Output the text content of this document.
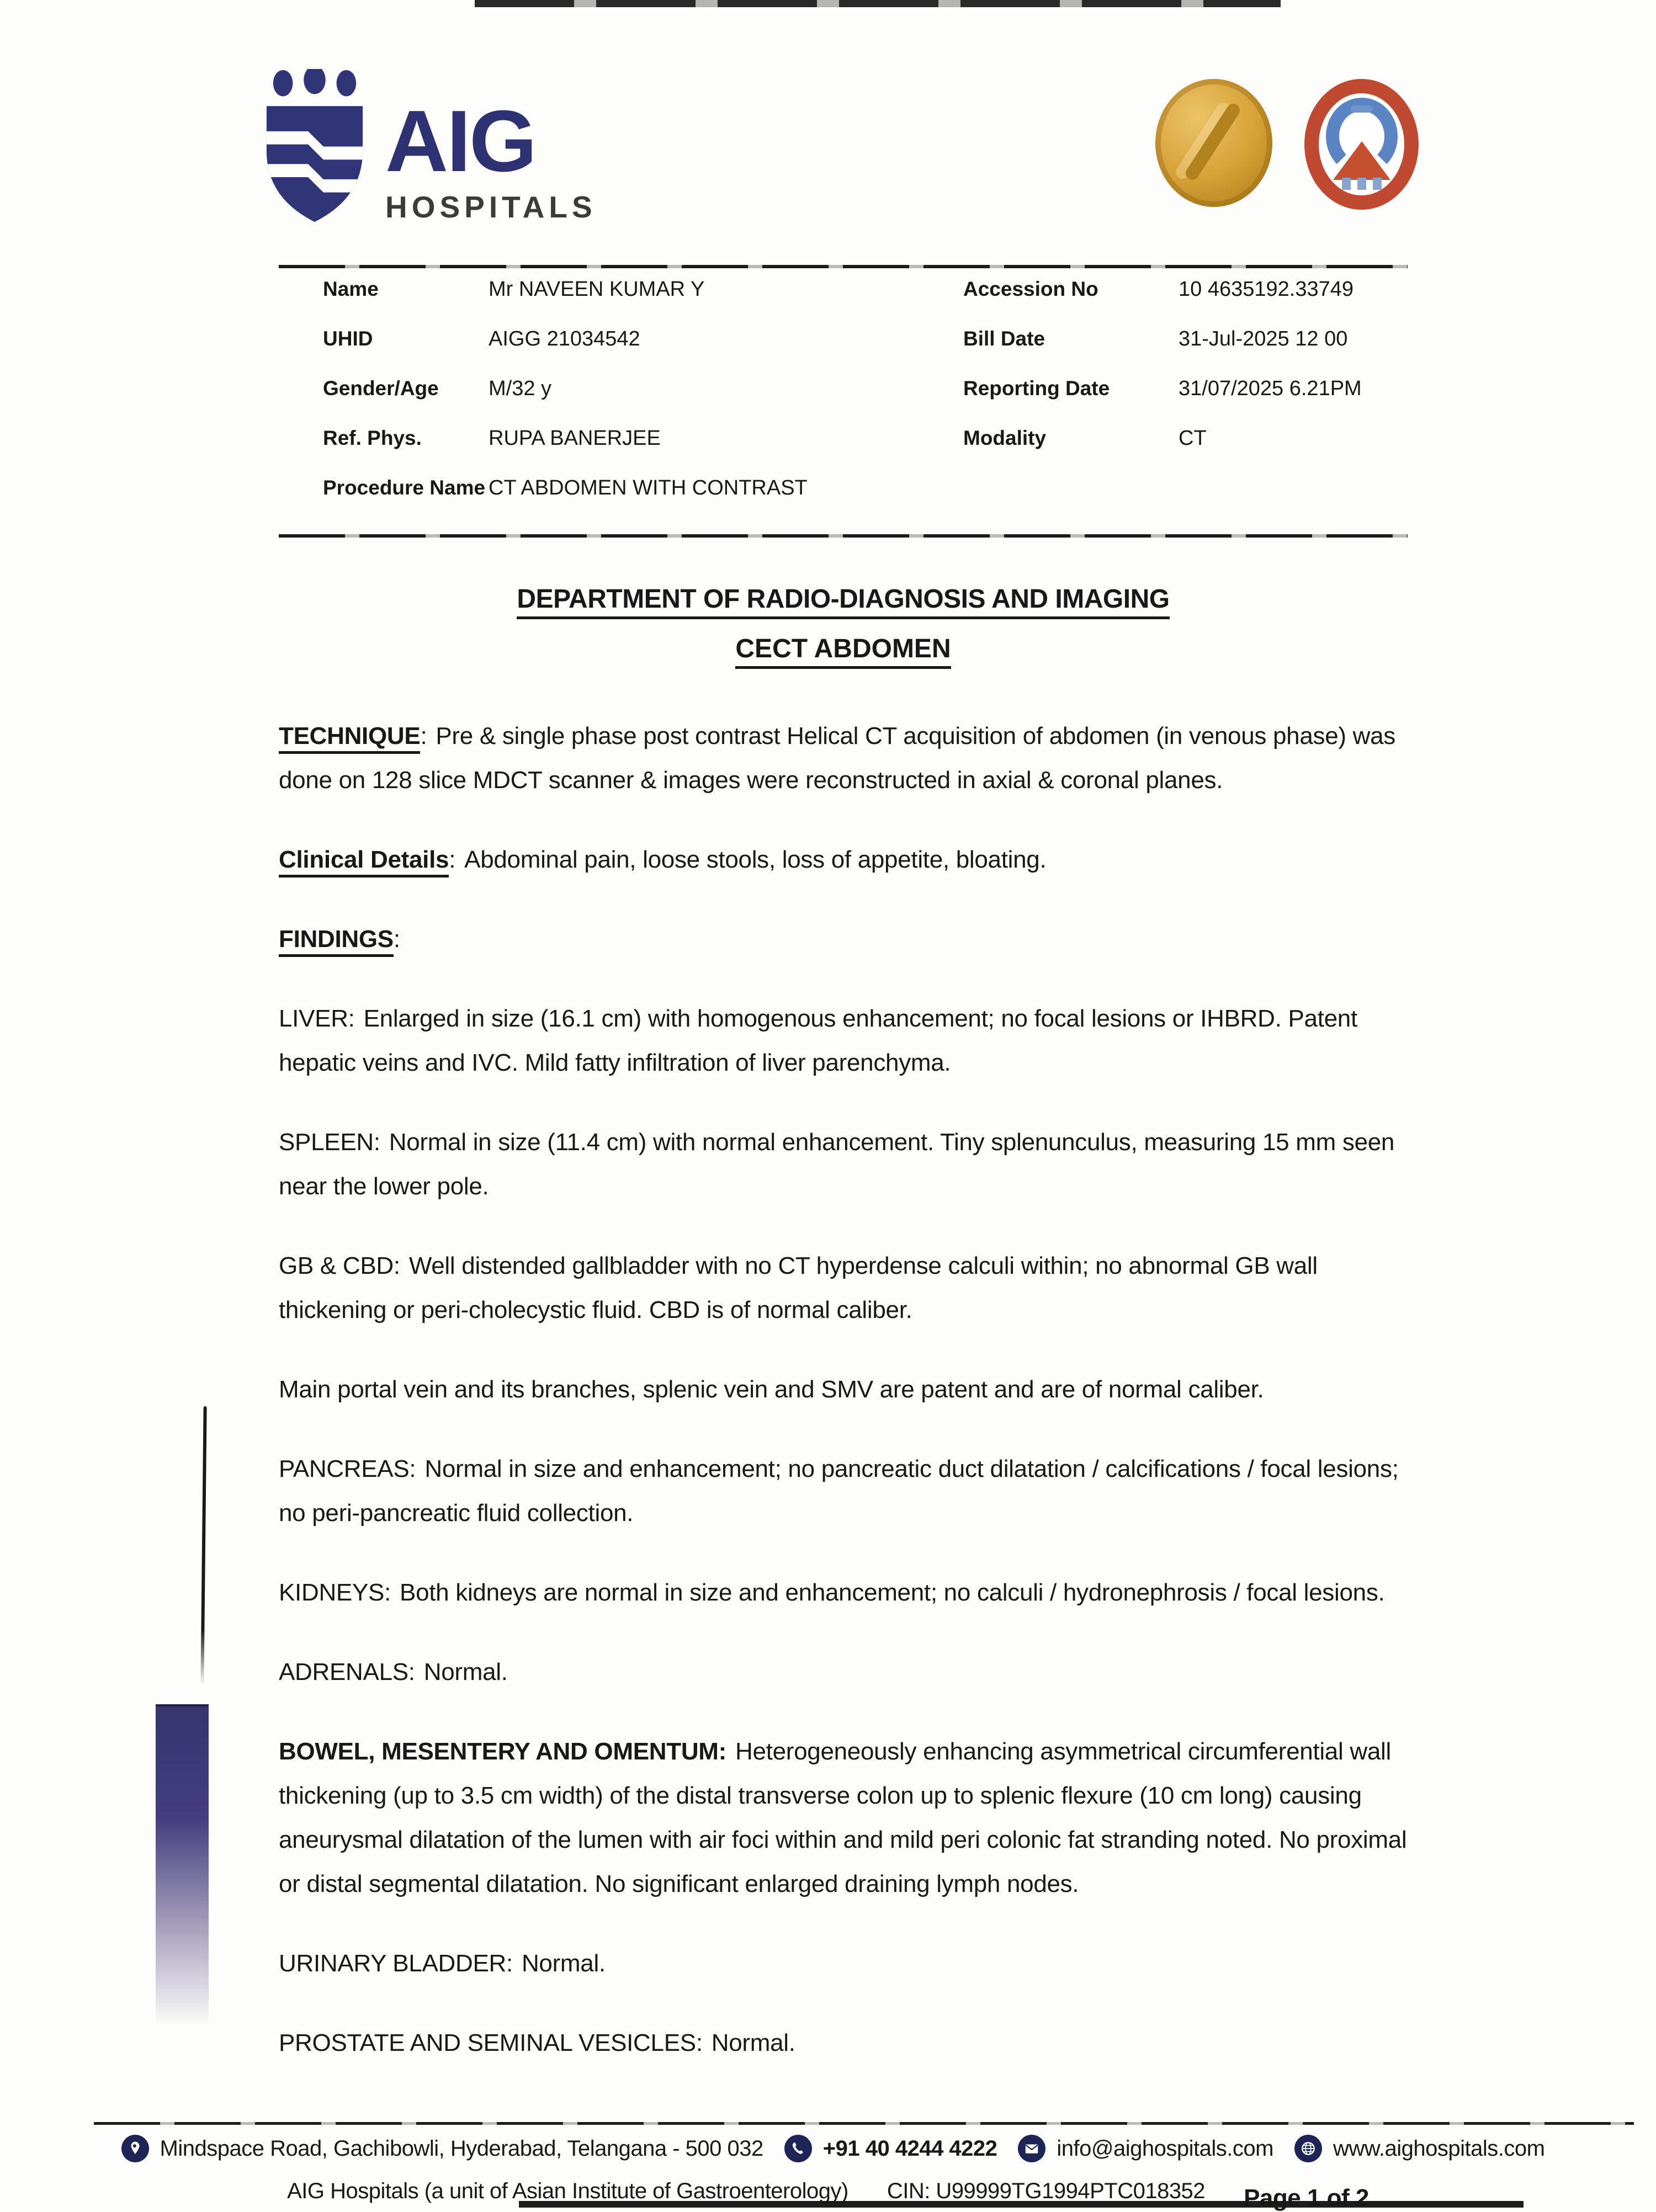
AIG
HOSPITALS
Name	Mr NAVEEN KUMAR Y	Accession No	10 4635192.33749
UHID	AIGG 21034542	Bill Date	31-Jul-2025 12 00
Gender/Age	M/32 y	Reporting Date	31/07/2025 6.21PM
Ref. Phys.	RUPA BANERJEE	Modality	CT
Procedure Name CT ABDOMEN WITH CONTRAST
DEPARTMENT OF RADIO-DIAGNOSIS AND IMAGING
CECT ABDOMEN

TECHNIQUE: Pre & single phase post contrast Helical CT acquisition of abdomen (in venous phase) was done on 128 slice MDCT scanner & images were reconstructed in axial & coronal planes.

Clinical Details: Abdominal pain, loose stools, loss of appetite, bloating.

FINDINGS:

LIVER: Enlarged in size (16.1 cm) with homogenous enhancement; no focal lesions or IHBRD. Patent hepatic veins and IVC. Mild fatty infiltration of liver parenchyma.

SPLEEN: Normal in size (11.4 cm) with normal enhancement. Tiny splenunculus, measuring 15 mm seen near the lower pole.

GB & CBD: Well distended gallbladder with no CT hyperdense calculi within; no abnormal GB wall thickening or peri-cholecystic fluid. CBD is of normal caliber.

Main portal vein and its branches, splenic vein and SMV are patent and are of normal caliber.

PANCREAS: Normal in size and enhancement; no pancreatic duct dilatation / calcifications / focal lesions; no peri-pancreatic fluid collection.

KIDNEYS: Both kidneys are normal in size and enhancement; no calculi / hydronephrosis / focal lesions.

ADRENALS: Normal.

BOWEL, MESENTERY AND OMENTUM: Heterogeneously enhancing asymmetrical circumferential wall thickening (up to 3.5 cm width) of the distal transverse colon up to splenic flexure (10 cm long) causing aneurysmal dilatation of the lumen with air foci within and mild peri colonic fat stranding noted. No proximal or distal segmental dilatation. No significant enlarged draining lymph nodes.

URINARY BLADDER: Normal.

PROSTATE AND SEMINAL VESICLES: Normal.

Mindspace Road, Gachibowli, Hyderabad, Telangana - 500 032	+91 40 4244 4222	info@aighospitals.com	www.aighospitals.com
AIG Hospitals (a unit of Asian Institute of Gastroenterology) CIN: U99999TG1994PTC018352 Page 1 of 2
